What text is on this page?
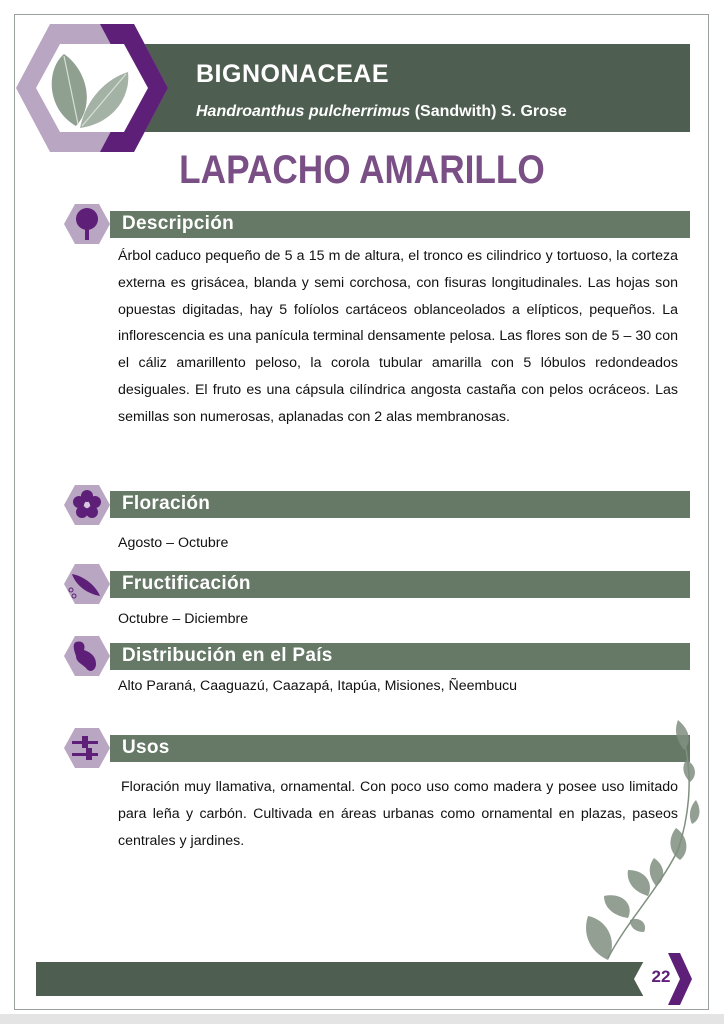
BIGNONACEAE
Handroanthus pulcherrimus (Sandwith) S. Grose
LAPACHO AMARILLO
Descripción
Árbol caduco pequeño de 5 a 15 m de altura, el tronco es cilindrico y tortuoso, la corteza externa es grisácea, blanda y semi corchosa, con fisuras longitudinales. Las hojas son opuestas digitadas, hay 5 folíolos cartáceos oblanceolados a elípticos, pequeños. La inflorescencia es una panícula terminal densamente pelosa. Las flores son de 5 – 30 con el cáliz amarillento peloso, la corola tubular amarilla con 5 lóbulos redondeados desiguales. El fruto es una cápsula cilíndrica angosta castaña con pelos ocráceos. Las semillas son numerosas, aplanadas con 2 alas membranosas.
Floración
Agosto – Octubre
Fructificación
Octubre – Diciembre
Distribución en el País
Alto Paraná, Caaguazú, Caazapá, Itapúa, Misiones, Ñeembucu
Usos
Floración muy llamativa, ornamental. Con poco uso como madera y posee uso limitado para leña y carbón. Cultivada en áreas urbanas como ornamental en plazas, paseos centrales y jardines.
22
